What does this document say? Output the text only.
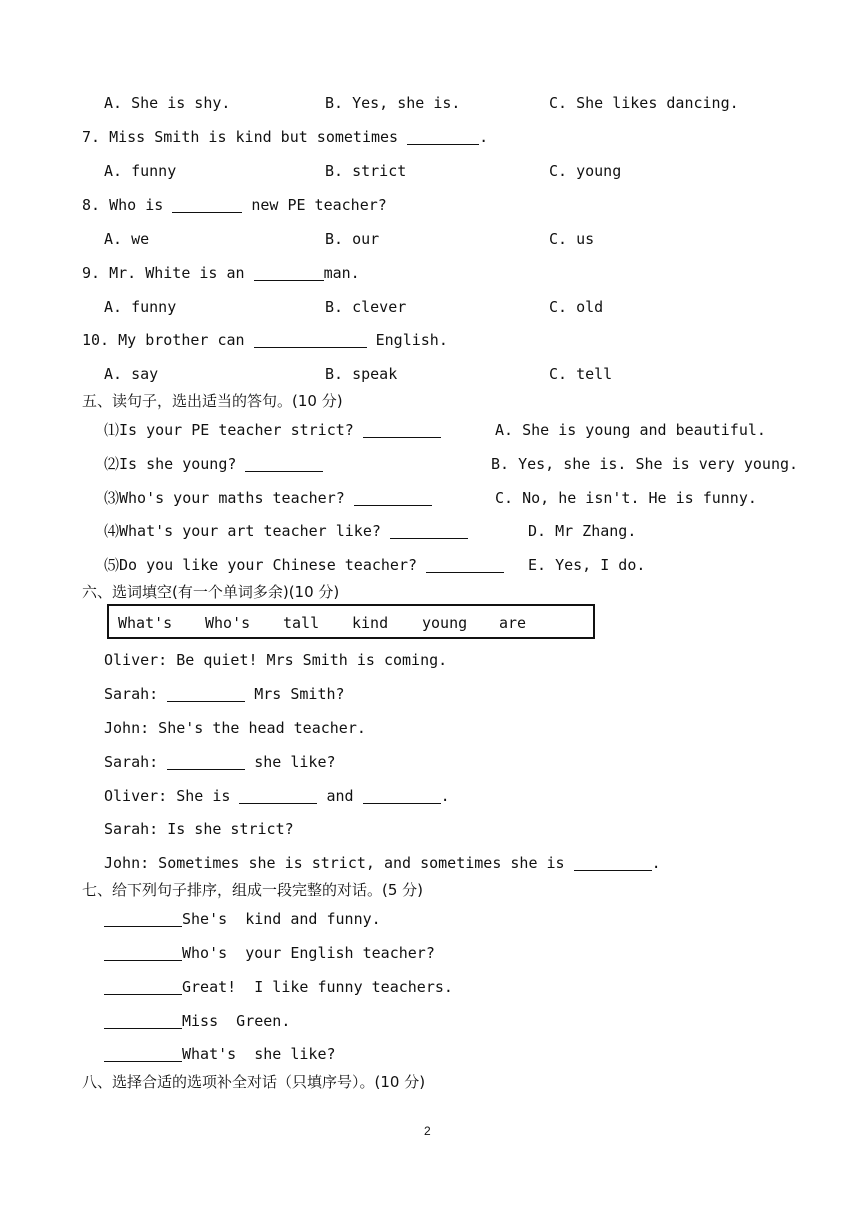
A. She is shy.	B. Yes, she is.	C. She likes dancing.
7. Miss Smith is kind but sometimes	.
A. funny	B. strict	C. young
8. Who is	new PE teacher?
A. we	B. our	C. us
9. Mr. White is an	man.
A. funny	B. clever	C. old
10. My brother can	English.
A. say	B. speak	C. tell
五、读句子，选出适当的答句。(10 分)
⑴Is your PE teacher strict?	A. She is young and beautiful.
⑵Is she young?	B. Yes, she is. She is very young.
⑶Who's your maths teacher?	C. No, he isn't. He is funny.
⑷What's your art teacher like?	D. Mr Zhang.
⑸Do you like your Chinese teacher?	E. Yes, I do.
六、选词填空(有一个单词多余)(10 分)
What's Who's tall kind young are
Oliver: Be quiet! Mrs Smith is coming.
Sarah:	Mrs Smith?
John: She's the head teacher.
Sarah:	she like?
Oliver: She is	and	.
Sarah: Is she strict?
John: Sometimes she is strict, and sometimes she is	.
七、给下列句子排序，组成一段完整的对话。(5 分)
She's  kind and funny.
Who's  your English teacher?
Great!  I like funny teachers.
Miss  Green.
What's  she like?
八、选择合适的选项补全对话（只填序号）。(10 分)
2
